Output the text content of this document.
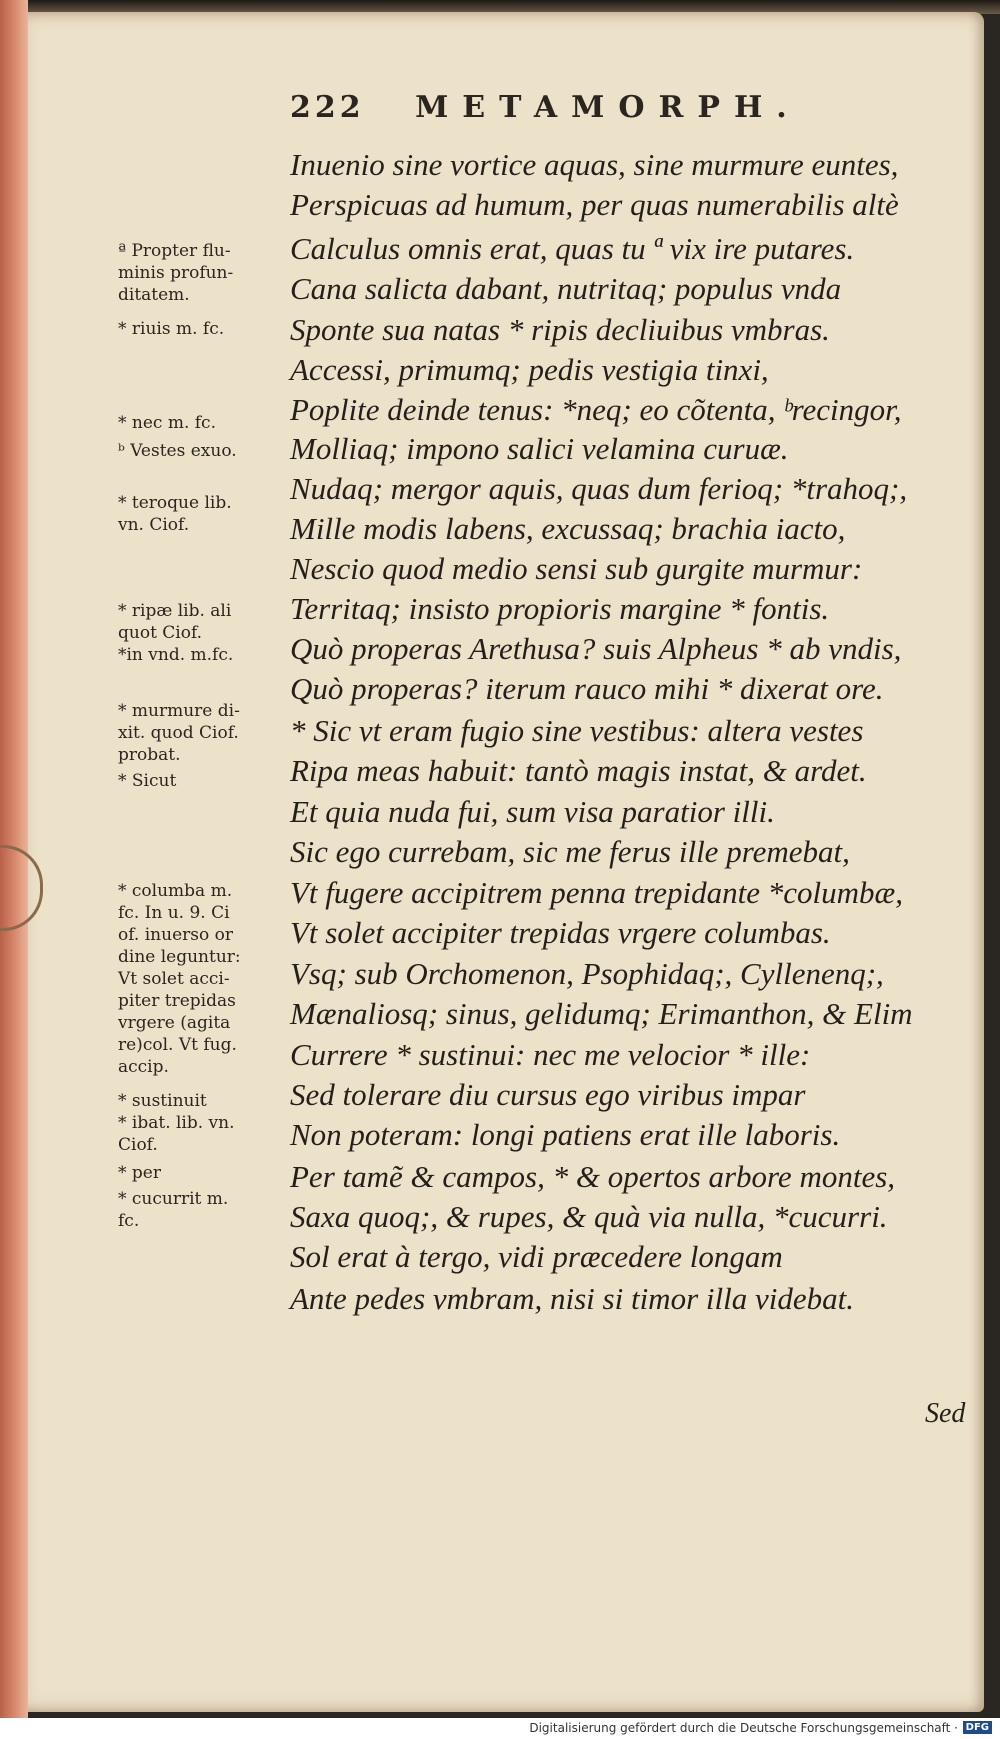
222 METAMORPH.
Inuenio sine vortice aquas, sine murmure euntes,
Perspicuas ad humum, per quas numerabilis altè
Calculus omnis erat, quas tu ª vix ire putares.
Cana salicta dabant, nutritaq; populus vnda
Sponte sua natas * ripis decliuibus vmbras.
Accessi, primumq; pedis vestigia tinxi,
Poplite deinde tenus: *neq; eo cõtenta, ᵇrecingor,
Molliaq; impono salici velamina curuæ.
Nudaq; mergor aquis, quas dum ferioq; *trahoq;,
Mille modis labens, excussaq; brachia iacto,
Nescio quod medio sensi sub gurgite murmur:
Territaq; insisto propioris margine * fontis.
Quò properas Arethusa? suis Alpheus * ab vndis,
Quò properas? iterum rauco mihi * dixerat ore.
* Sic vt eram fugio sine vestibus: altera vestes
Ripa meas habuit: tantò magis instat, & ardet.
Et quia nuda fui, sum visa paratior illi.
Sic ego currebam, sic me ferus ille premebat,
Vt fugere accipitrem penna trepidante *columbæ,
Vt solet accipiter trepidas vrgere columbas.
Vsq; sub Orchomenon, Psophidaq;, Cyllenenq;,
Mænaliosq; sinus, gelidumq; Erimanthon, & Elim
Currere * sustinui: nec me velocior * ille:
Sed tolerare diu cursus ego viribus impar
Non poteram: longi patiens erat ille laboris.
Per tamẽ & campos, * & opertos arbore montes,
Saxa quoq;, & rupes, & quà via nulla, *cucurri.
Sol erat à tergo, vidi præcedere longam
Ante pedes vmbram, nisi si timor illa videbat.
ª Propter flu-
minis profun-
ditatem.
* riuis m. fc.
* nec m. fc.
ᵇ Vestes exuo.
* teroque lib.
vn. Ciof.
* ripæ lib. ali
quot Ciof.
*in vnd. m.fc.
* murmure di-
xit. quod Ciof.
probat.
* Sicut
* columba m.
fc. In u. 9. Ci
of. inuerso or
dine leguntur:
Vt solet acci-
piter trepidas
vrgere (agita
re)col. Vt fug.
accip.
* sustinuit
* ibat. lib. vn.
Ciof.
* per
* cucurrit m.
fc.
Sed
Digitalisierung gefördert durch die Deutsche Forschungsgemeinschaft · DFG
